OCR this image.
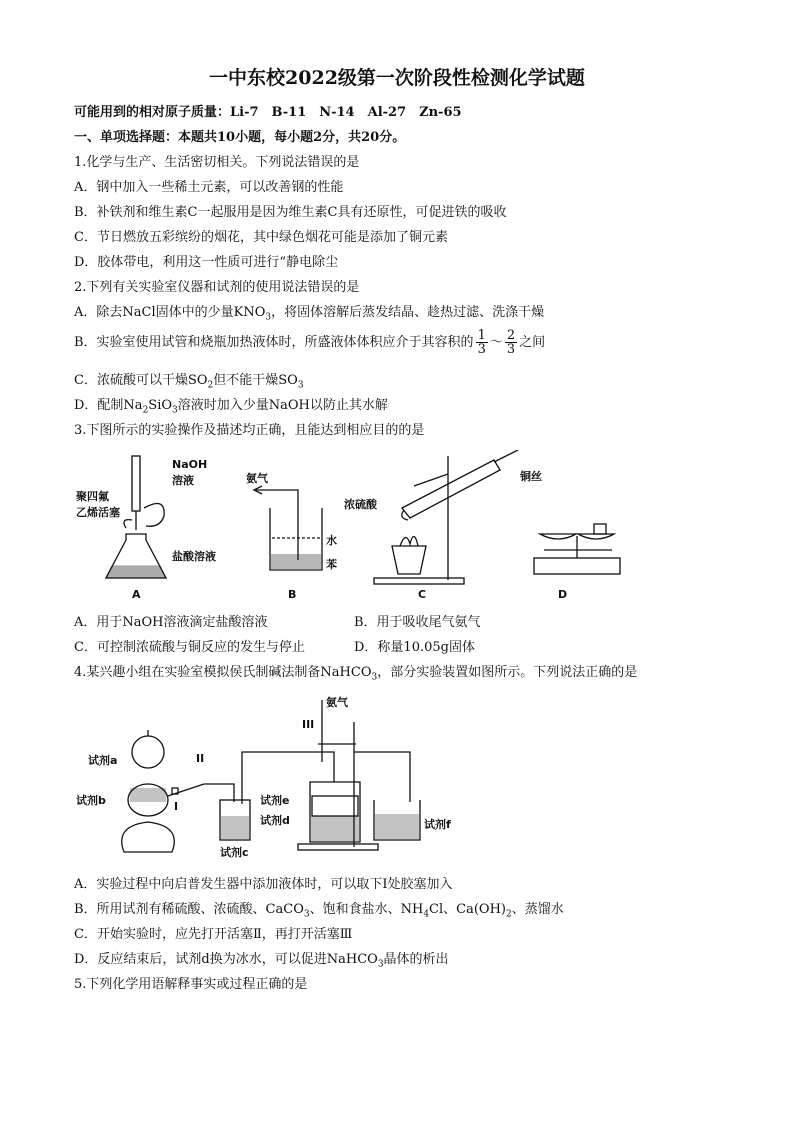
一中东校2022级第一次阶段性检测化学试题
可能用到的相对原子质量：Li-7　B-11　N-14　Al-27　Zn-65
一、单项选择题：本题共10小题，每小题2分，共20分。
1.化学与生产、生活密切相关。下列说法错误的是
A．钢中加入一些稀土元素，可以改善钢的性能
B．补铁剂和维生素C一起服用是因为维生素C具有还原性，可促进铁的吸收
C．节日燃放五彩缤纷的烟花，其中绿色烟花可能是添加了铜元素
D．胶体带电，利用这一性质可进行“静电除尘
2.下列有关实验室仪器和试剂的使用说法错误的是
A．除去NaCl固体中的少量$KNO_3$，将固体溶解后蒸发结晶、趁热过滤、洗涤干燥
B．实验室使用试管和烧瓶加热液体时，所盛液体体积应介于其容积的 $\frac{1}{3}$ ～ $\frac{2}{3}$ 之间
C．浓硫酸可以干燥$SO_2$但不能干燥$SO_3$
D．配制$Na_2SiO_3$溶液时加入少量NaOH以防止其水解
3.下图所示的实验操作及描述均正确，且能达到相应目的的是
NaOH
溶液
聚四氟
乙烯活塞
盐酸溶液
A
氨气
水
苯
B
浓硫酸
铜丝
C	D
A．用于NaOH溶液滴定盐酸溶液	B．用于吸收尾气氨气
C．可控制浓硫酸与铜反应的发生与停止	D．称量10.05g固体
4.某兴趣小组在实验室模拟侯氏制碱法制备NaHCO$_3$，部分实验装置如图所示。下列说法正确的是
试剂a
试剂b	I
II
试剂c
氨气
III
试剂e
试剂d	试剂f
A．实验过程中向启普发生器中添加液体时，可以取下I处胶塞加入
B．所用试剂有稀硫酸、浓硫酸、CaCO$_3$、饱和食盐水、$NH_4Cl$、$Ca(OH)_2$、蒸馏水
C．开始实验时，应先打开活塞Ⅱ，再打开活塞Ⅲ
D．反应结束后，试剂d换为冰水，可以促进NaHCO$_3$晶体的析出
5.下列化学用语解释事实或过程正确的是
